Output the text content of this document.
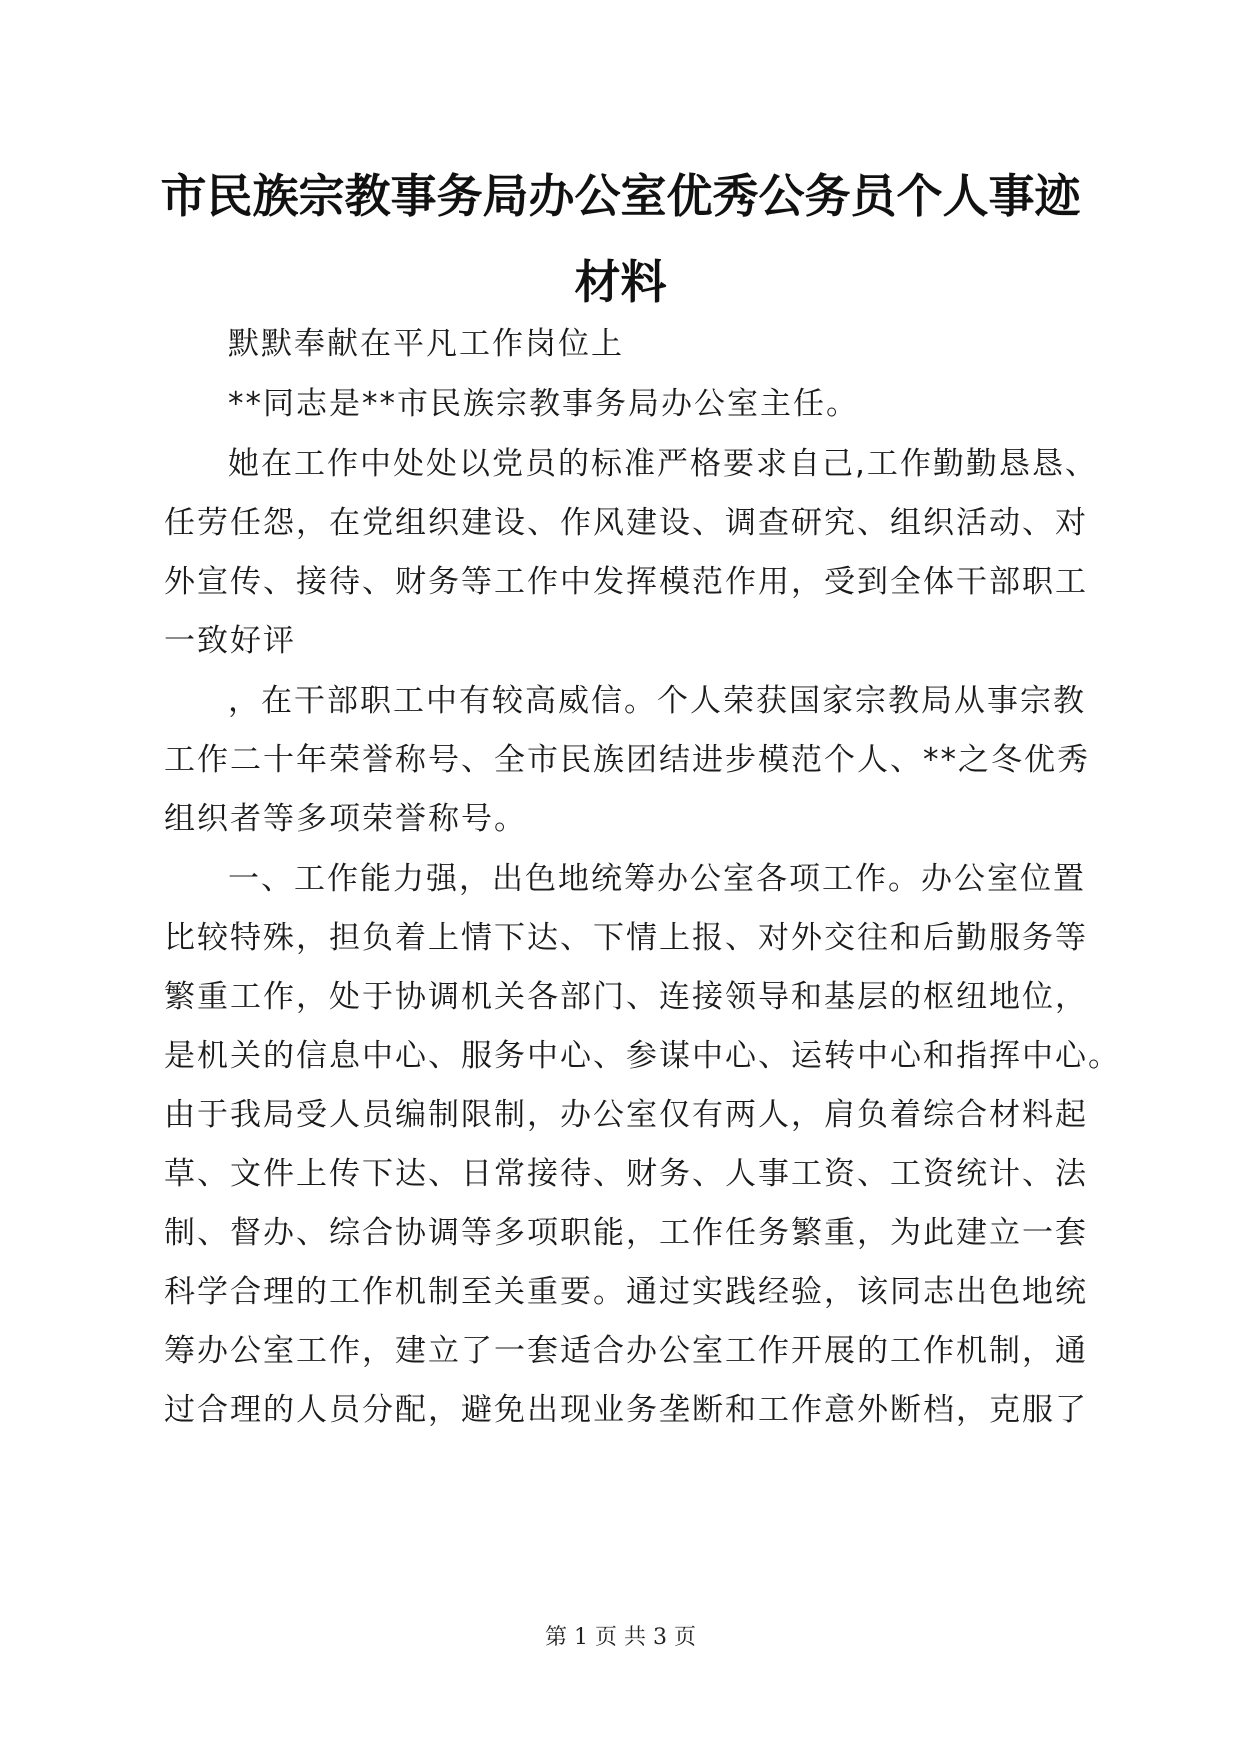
市民族宗教事务局办公室优秀公务员个人事迹
材料
默默奉献在平凡工作岗位上
**同志是**市民族宗教事务局办公室主任。
她在工作中处处以党员的标准严格要求自己,工作勤勤恳恳、
任劳任怨，在党组织建设、作风建设、调查研究、组织活动、对
外宣传、接待、财务等工作中发挥模范作用，受到全体干部职工
一致好评
，在干部职工中有较高威信。个人荣获国家宗教局从事宗教
工作二十年荣誉称号、全市民族团结进步模范个人、**之冬优秀
组织者等多项荣誉称号。
一、工作能力强，出色地统筹办公室各项工作。办公室位置
比较特殊，担负着上情下达、下情上报、对外交往和后勤服务等
繁重工作，处于协调机关各部门、连接领导和基层的枢纽地位，
是机关的信息中心、服务中心、参谋中心、运转中心和指挥中心。
由于我局受人员编制限制，办公室仅有两人，肩负着综合材料起
草、文件上传下达、日常接待、财务、人事工资、工资统计、法
制、督办、综合协调等多项职能，工作任务繁重，为此建立一套
科学合理的工作机制至关重要。通过实践经验，该同志出色地统
筹办公室工作，建立了一套适合办公室工作开展的工作机制，通
过合理的人员分配，避免出现业务垄断和工作意外断档，克服了
第 1 页 共 3 页
